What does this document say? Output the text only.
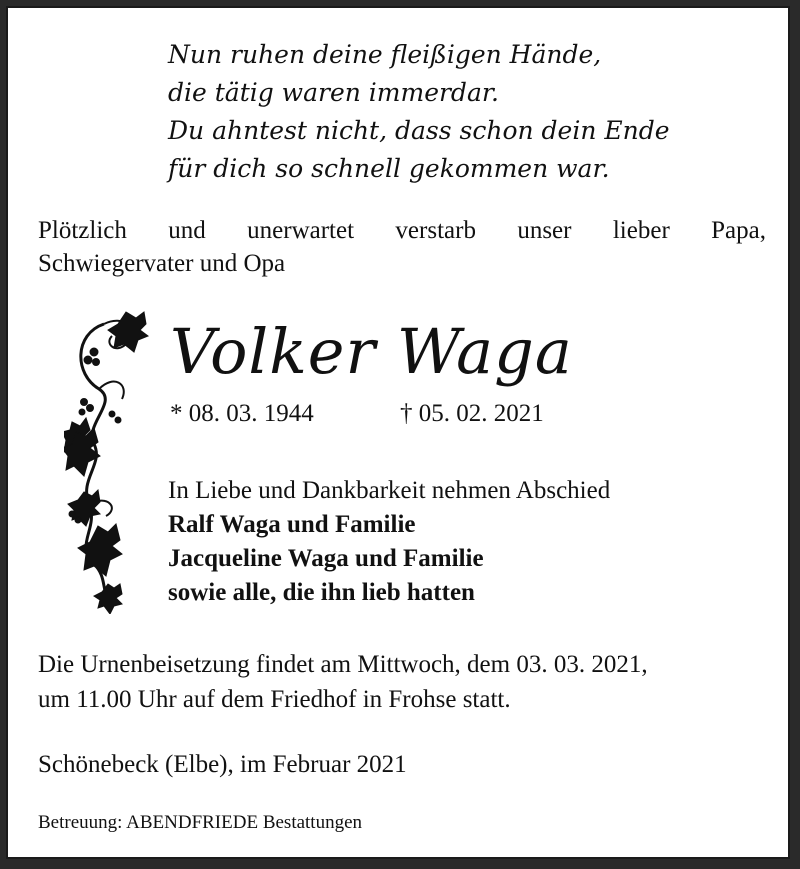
Nun ruhen deine fleißigen Hände,
die tätig waren immerdar.
Du ahntest nicht, dass schon dein Ende
für dich so schnell gekommen war.
Plötzlich und unerwartet verstarb unser lieber Papa,
Schwiegervater und Opa
Volker Waga
* 08. 03. 1944	† 05. 02. 2021
In Liebe und Dankbarkeit nehmen Abschied
Ralf Waga und Familie
Jacqueline Waga und Familie
sowie alle, die ihn lieb hatten
Die Urnenbeisetzung findet am Mittwoch, dem 03. 03. 2021,
um 11.00 Uhr auf dem Friedhof in Frohse statt.
Schönebeck (Elbe), im Februar 2021
Betreuung: ABENDFRIEDE Bestattungen
